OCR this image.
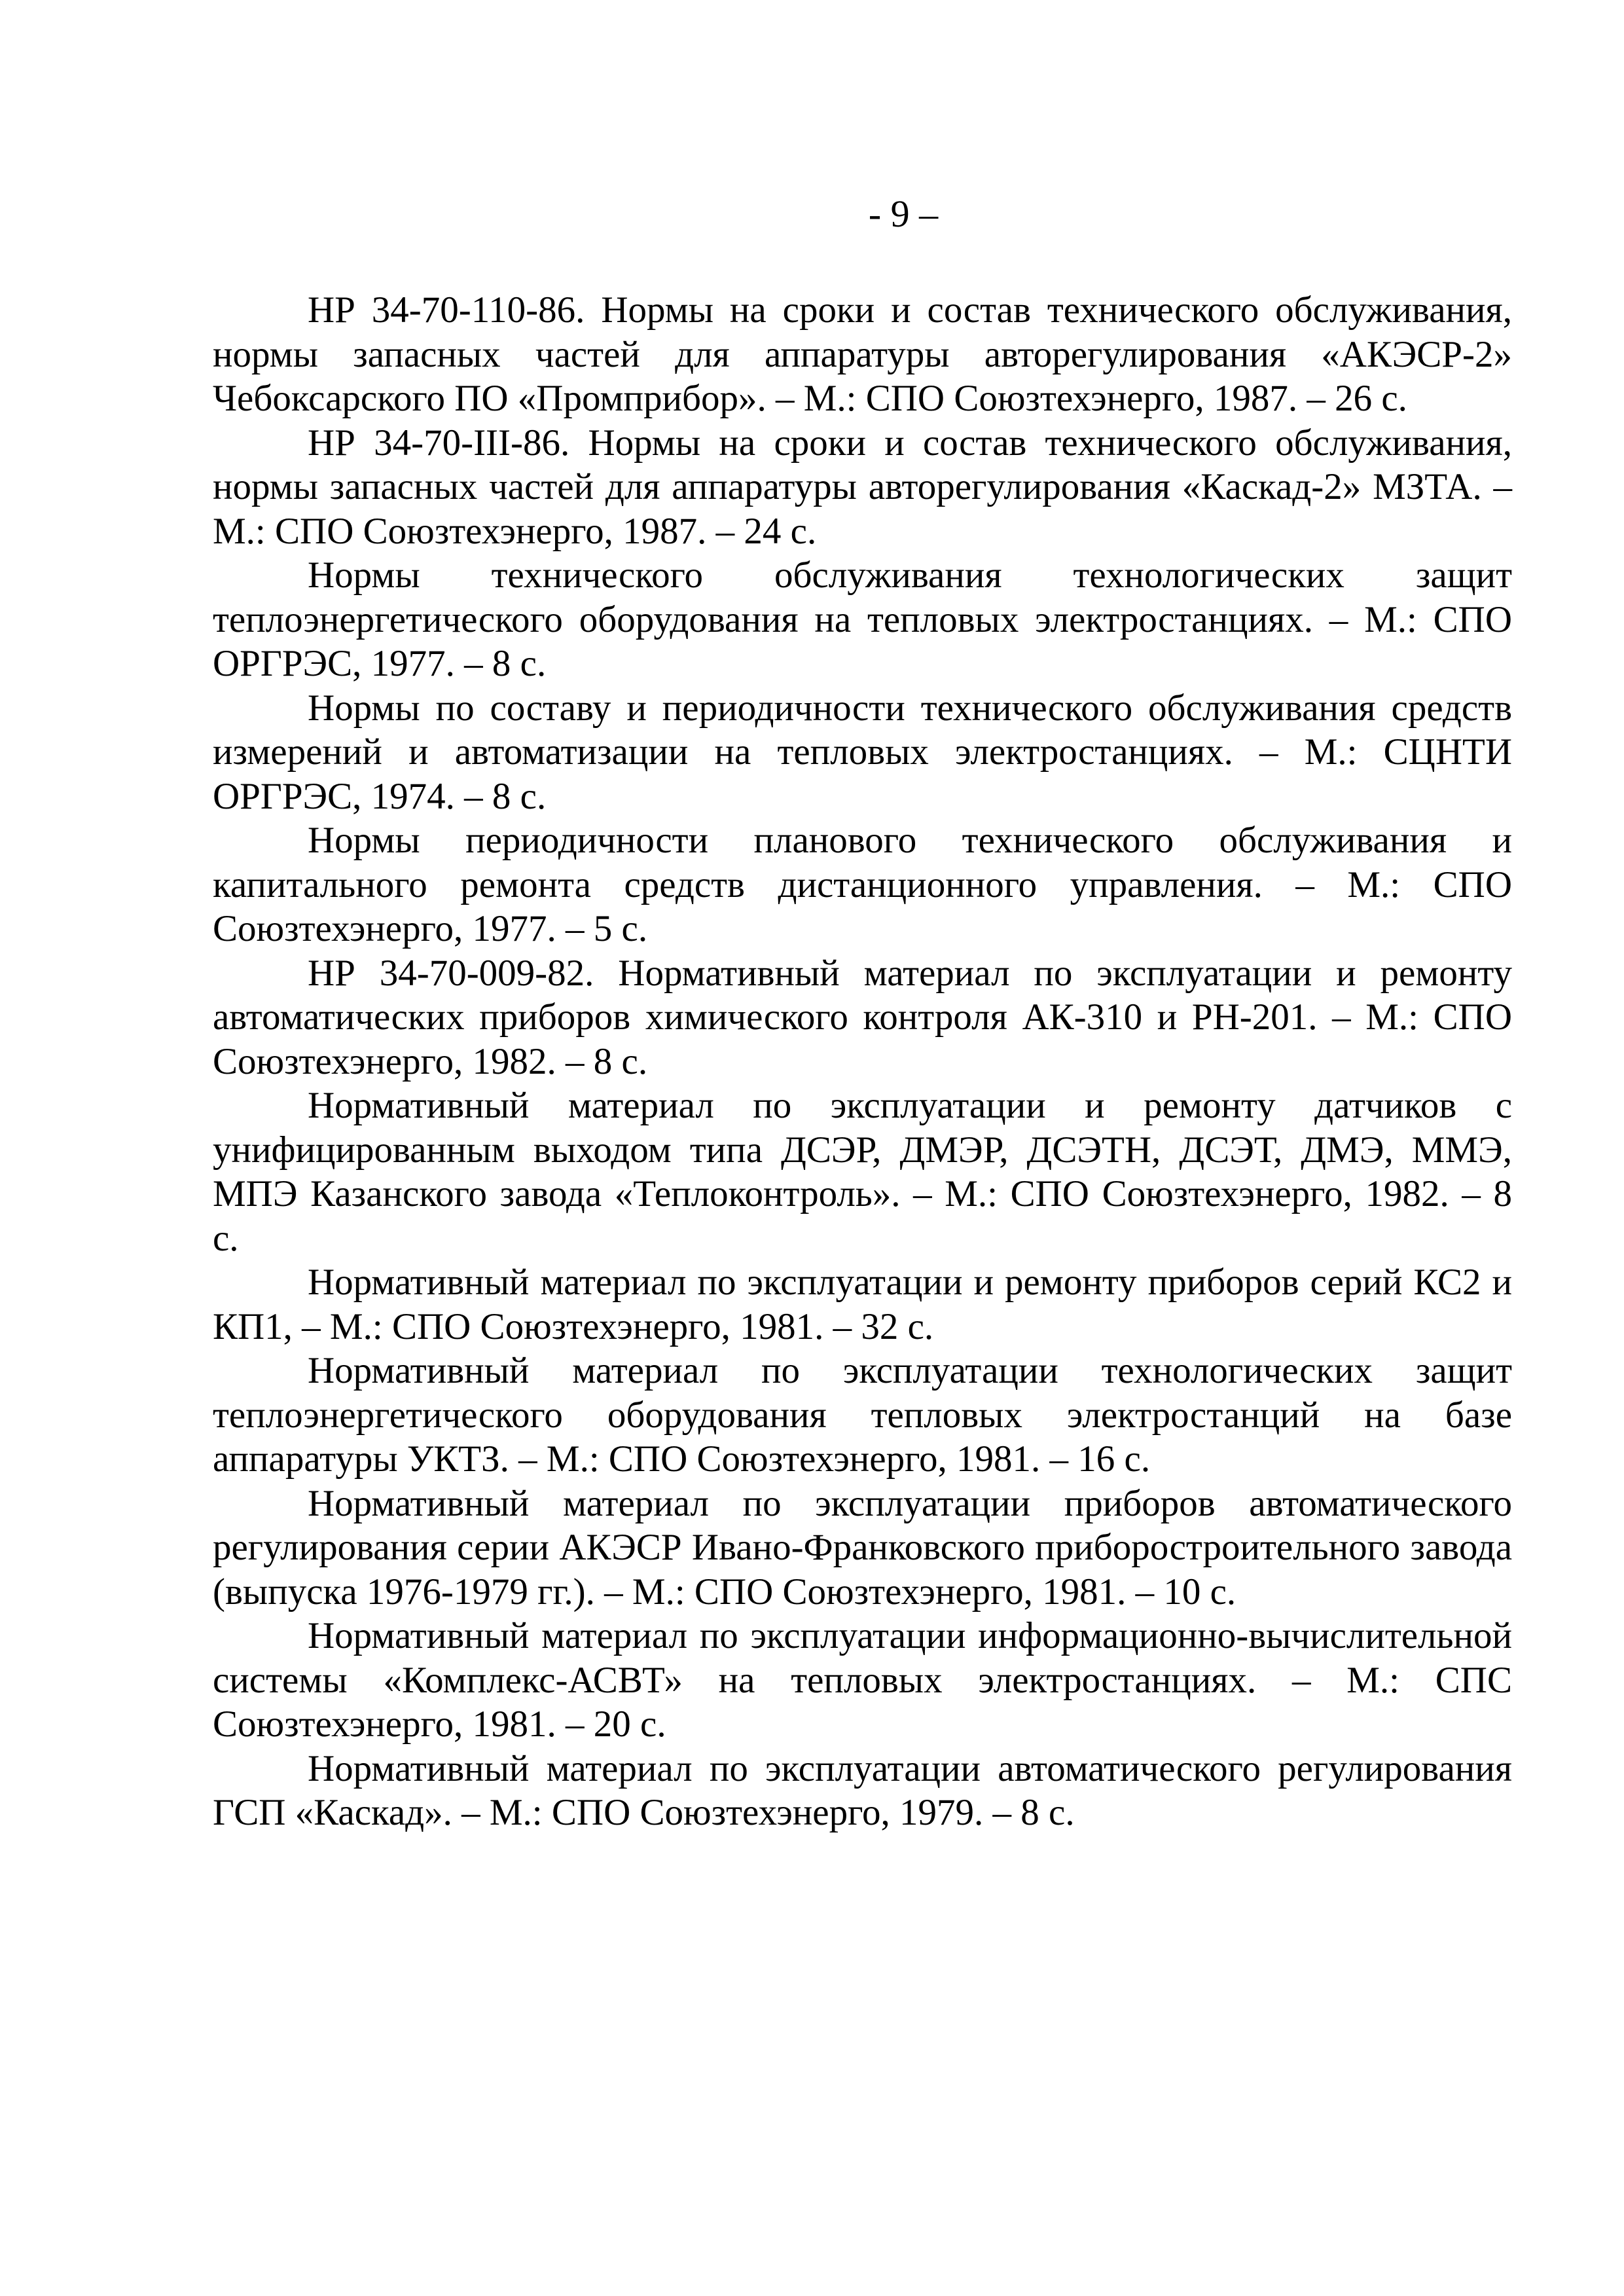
- 9 –

НР 34-70-110-86. Нормы на сроки и состав технического обслуживания, нормы запасных частей для аппаратуры авторегулирования «АКЭСР-2» Чебоксарского ПО «Промприбор». – М.: СПО Союзтехэнерго, 1987. – 26 с.

НР 34-70-III-86. Нормы на сроки и состав технического обслуживания, нормы запасных частей для аппаратуры авторегулирования «Каскад-2» МЗТА. – М.: СПО Союзтехэнерго, 1987. – 24 с.

Нормы технического обслуживания технологических защит теплоэнергетического оборудования на тепловых электростанциях. – М.: СПО ОРГРЭС, 1977. – 8 с.

Нормы по составу и периодичности технического обслуживания средств измерений и автоматизации на тепловых электростанциях. – М.: СЦНТИ ОРГРЭС, 1974. – 8 с.

Нормы периодичности планового технического обслуживания и капитального ремонта средств дистанционного управления. – М.: СПО Союзтехэнерго, 1977. – 5 с.

НР 34-70-009-82. Нормативный материал по эксплуатации и ремонту автоматических приборов химического контроля АК-310 и РН-201. – М.: СПО Союзтехэнерго, 1982. – 8 с.

Нормативный материал по эксплуатации и ремонту датчиков с унифицированным выходом типа ДСЭР, ДМЭР, ДСЭТН, ДСЭТ, ДМЭ, ММЭ, МПЭ Казанского завода «Теплоконтроль». – М.: СПО Союзтехэнерго, 1982. – 8 с.

Нормативный материал по эксплуатации и ремонту приборов серий КС2 и КП1, – М.: СПО Союзтехэнерго, 1981. – 32 с.

Нормативный материал по эксплуатации технологических защит теплоэнергетического оборудования тепловых электростанций на базе аппаратуры УКТЗ. – М.: СПО Союзтехэнерго, 1981. – 16 с.

Нормативный материал по эксплуатации приборов автоматического регулирования серии АКЭСР Ивано-Франковского приборостроительного завода (выпуска 1976-1979 гг.). – М.: СПО Союзтехэнерго, 1981. – 10 с.

Нормативный материал по эксплуатации информационно-вычислительной системы «Комплекс-АСВТ» на тепловых электростанциях. – М.: СПС Союзтехэнерго, 1981. – 20 с.

Нормативный материал по эксплуатации автоматического регулирования ГСП «Каскад». – М.: СПО Союзтехэнерго, 1979. – 8 с.
